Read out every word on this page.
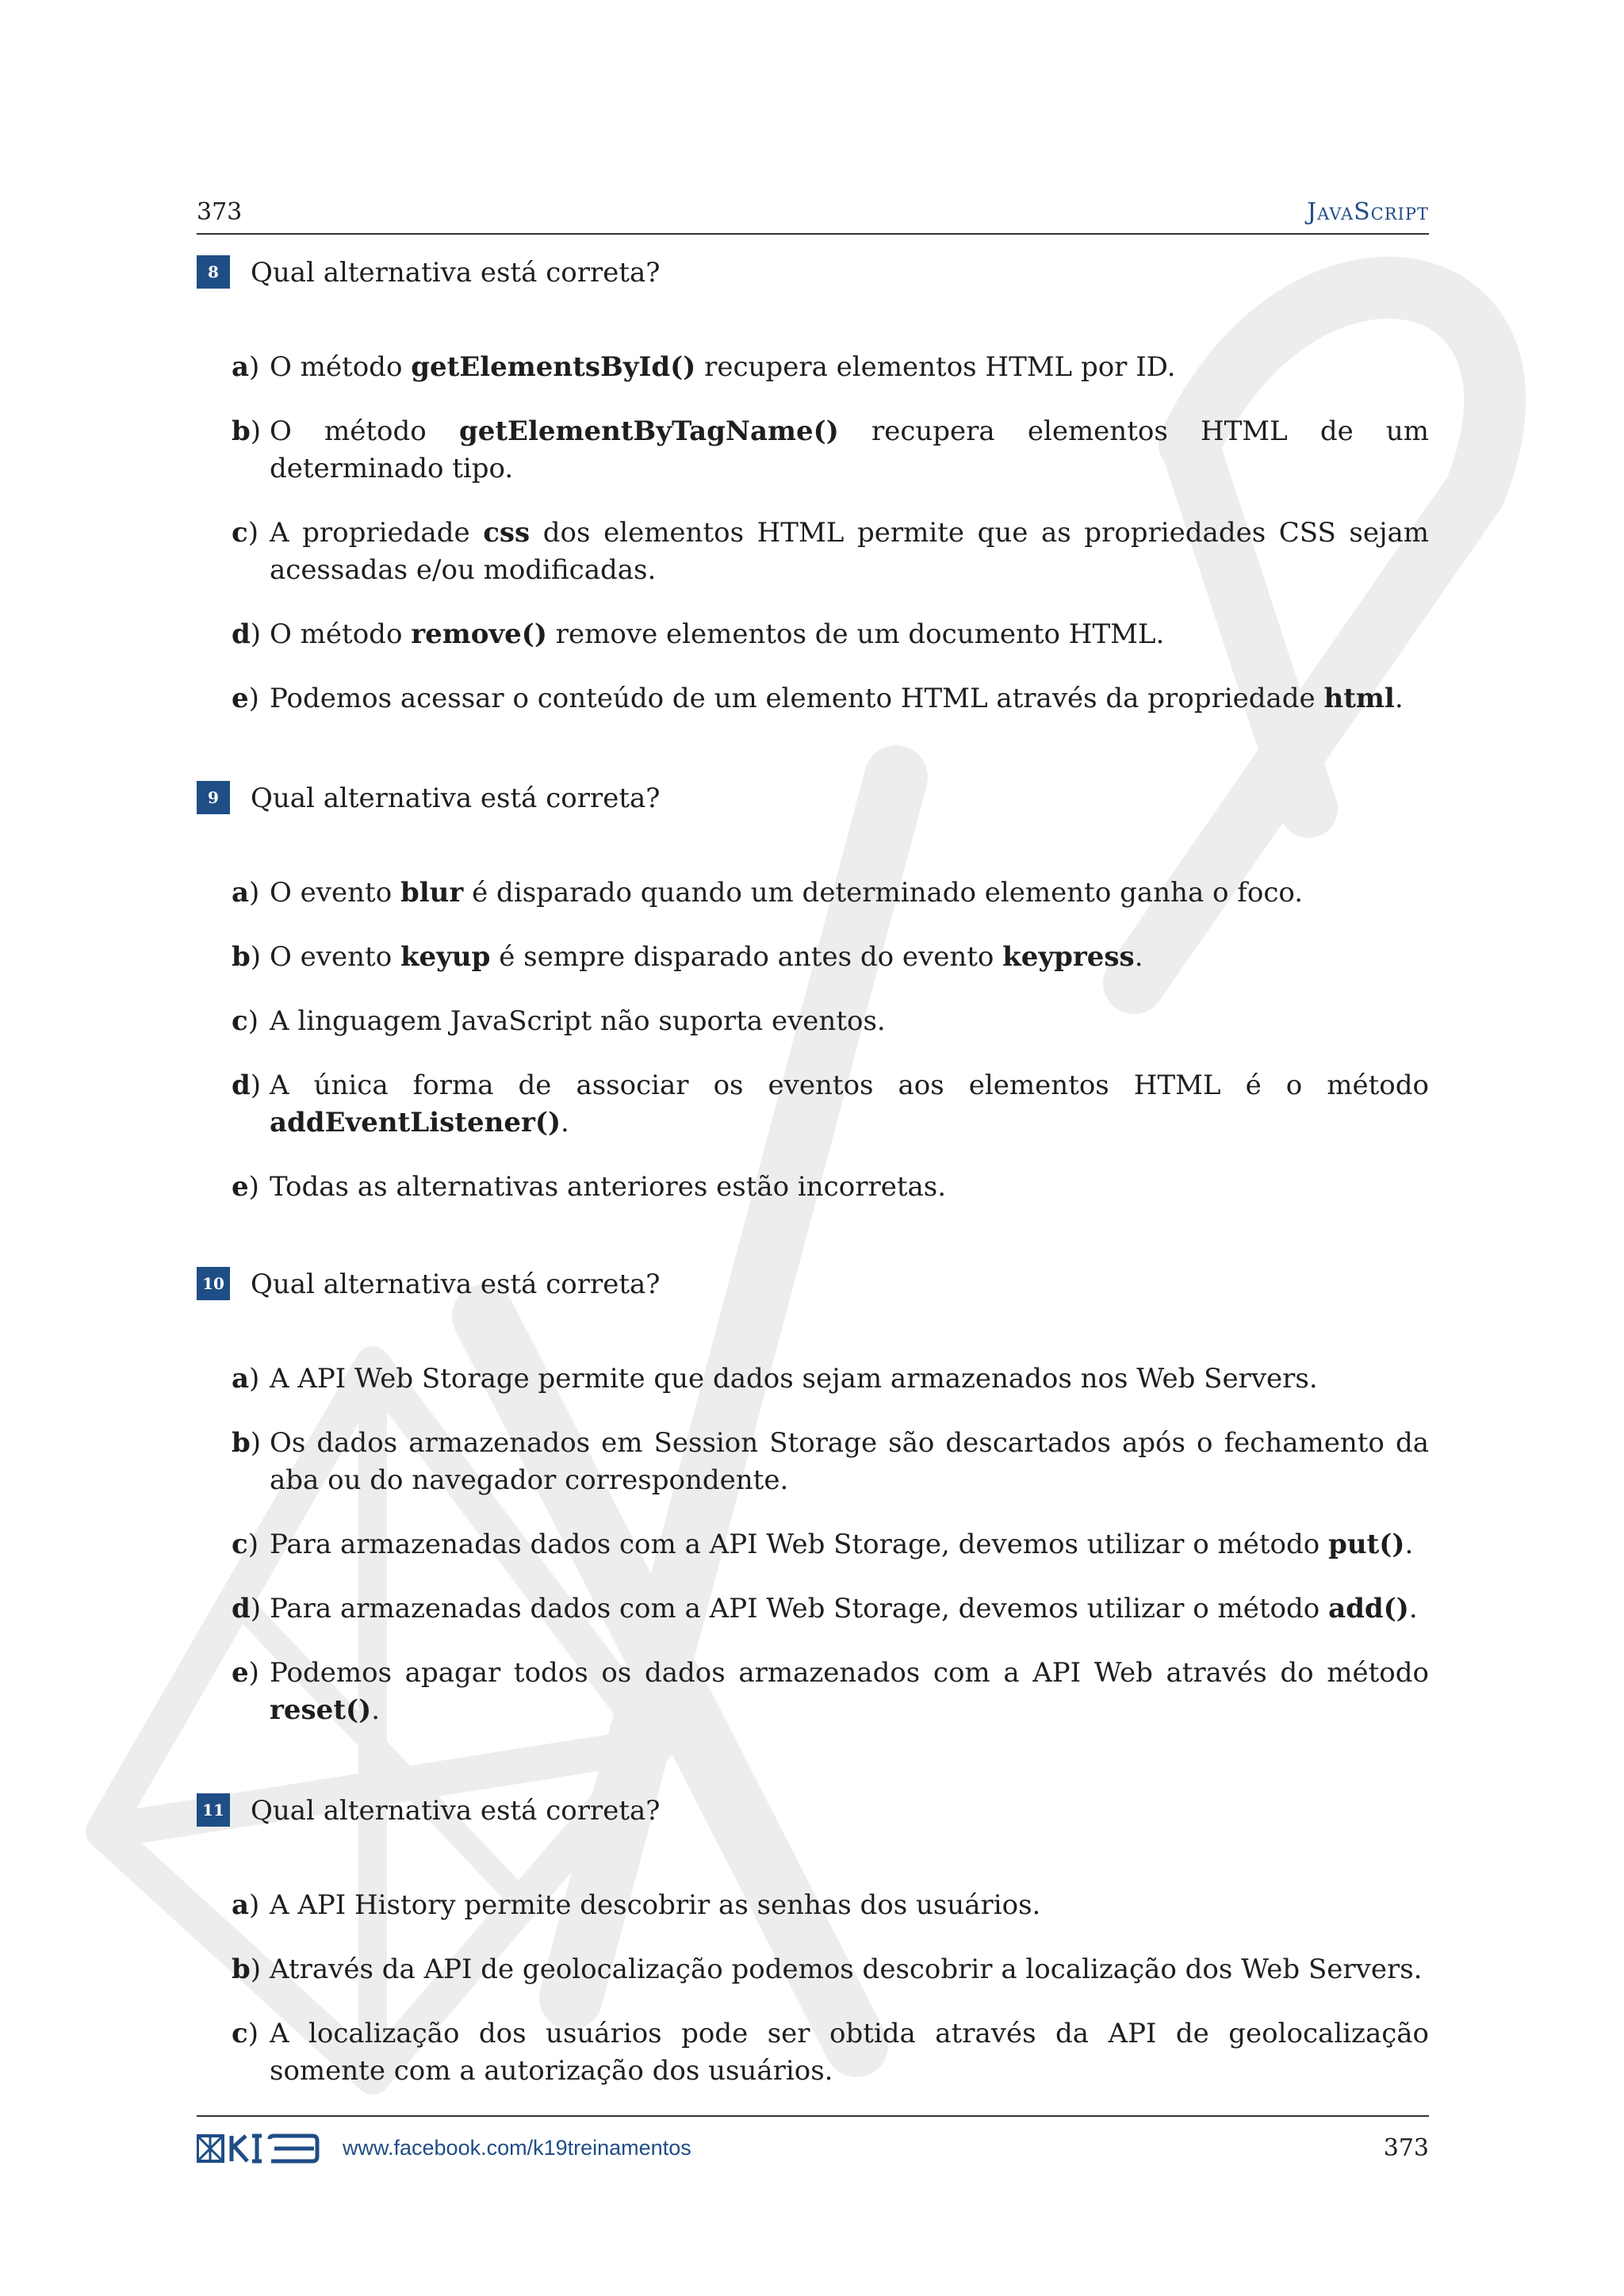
373	JavaScript
8	Qual alternativa está correta?
a) O método getElementsById() recupera elementos HTML por ID.
b) O método getElementByTagName() recupera elementos HTML de um determinado tipo.
c) A propriedade css dos elementos HTML permite que as propriedades CSS sejam acessadas e/ou modificadas.
d) O método remove() remove elementos de um documento HTML.
e) Podemos acessar o conteúdo de um elemento HTML através da propriedade html.
9	Qual alternativa está correta?
a) O evento blur é disparado quando um determinado elemento ganha o foco.
b) O evento keyup é sempre disparado antes do evento keypress.
c) A linguagem JavaScript não suporta eventos.
d) A única forma de associar os eventos aos elementos HTML é o método addEventListener().
e) Todas as alternativas anteriores estão incorretas.
10 Qual alternativa está correta?
a) A API Web Storage permite que dados sejam armazenados nos Web Servers.
b) Os dados armazenados em Session Storage são descartados após o fechamento da aba ou do navegador correspondente.
c) Para armazenadas dados com a API Web Storage, devemos utilizar o método put().
d) Para armazenadas dados com a API Web Storage, devemos utilizar o método add().
e) Podemos apagar todos os dados armazenados com a API Web através do método reset().
11 Qual alternativa está correta?
a) A API History permite descobrir as senhas dos usuários.
b) Através da API de geolocalização podemos descobrir a localização dos Web Servers.
c) A localização dos usuários pode ser obtida através da API de geolocalização somente com a autorização dos usuários.
www.facebook.com/k19treinamentos	373
